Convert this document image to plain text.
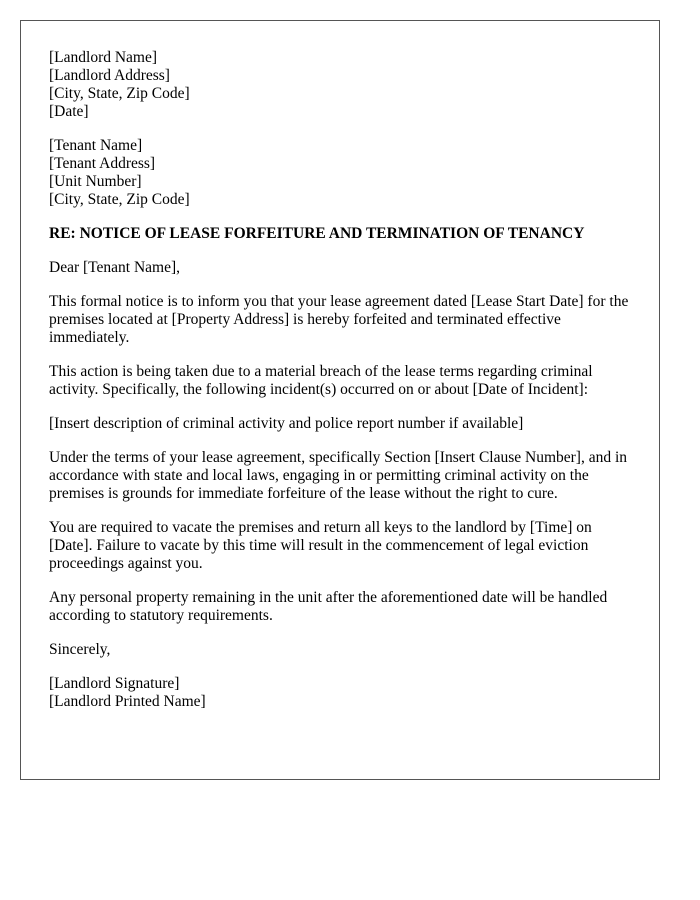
[Landlord Name]
[Landlord Address]
[City, State, Zip Code]
[Date]
[Tenant Name]
[Tenant Address]
[Unit Number]
[City, State, Zip Code]

RE: NOTICE OF LEASE FORFEITURE AND TERMINATION OF TENANCY

Dear [Tenant Name],

This formal notice is to inform you that your lease agreement dated [Lease Start Date] for the premises located at [Property Address] is hereby forfeited and terminated effective immediately.

This action is being taken due to a material breach of the lease terms regarding criminal activity. Specifically, the following incident(s) occurred on or about [Date of Incident]:

[Insert description of criminal activity and police report number if available]

Under the terms of your lease agreement, specifically Section [Insert Clause Number], and in accordance with state and local laws, engaging in or permitting criminal activity on the premises is grounds for immediate forfeiture of the lease without the right to cure.

You are required to vacate the premises and return all keys to the landlord by [Time] on [Date]. Failure to vacate by this time will result in the commencement of legal eviction proceedings against you.

Any personal property remaining in the unit after the aforementioned date will be handled according to statutory requirements.

Sincerely,

[Landlord Signature]
[Landlord Printed Name]
